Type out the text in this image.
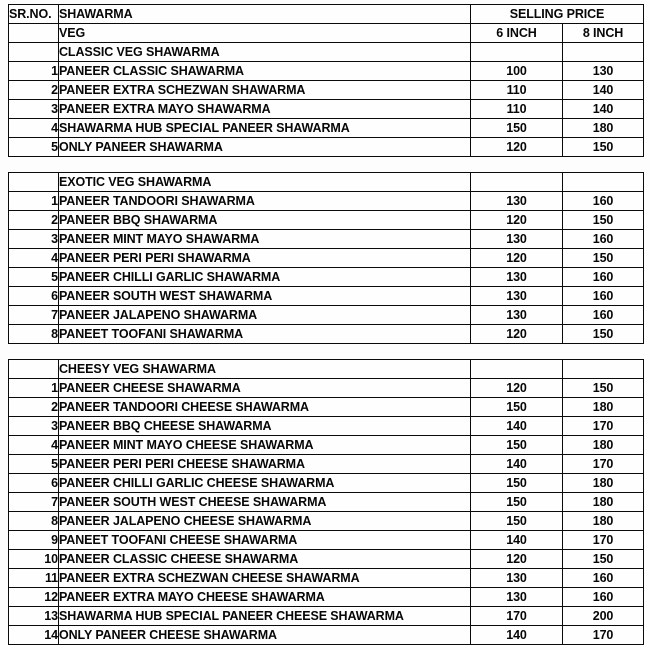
SR.NO.	SHAWARMA	SELLING PRICE	
	VEG	6 INCH	8 INCH
	CLASSIC VEG SHAWARMA		
1	PANEER CLASSIC SHAWARMA	100	130
2	PANEER EXTRA SCHEZWAN SHAWARMA	110	140
3	PANEER EXTRA MAYO SHAWARMA	110	140
4	SHAWARMA HUB SPECIAL PANEER SHAWARMA	150	180
5	ONLY PANEER SHAWARMA	120	150
	EXOTIC VEG SHAWARMA		
1	PANEER TANDOORI SHAWARMA	130	160
2	PANEER BBQ SHAWARMA	120	150
3	PANEER MINT MAYO SHAWARMA	130	160
4	PANEER PERI PERI SHAWARMA	120	150
5	PANEER CHILLI GARLIC SHAWARMA	130	160
6	PANEER SOUTH WEST SHAWARMA	130	160
7	PANEER JALAPENO SHAWARMA	130	160
8	PANEET TOOFANI SHAWARMA	120	150
	CHEESY VEG SHAWARMA		
1	PANEER CHEESE SHAWARMA	120	150
2	PANEER TANDOORI CHEESE SHAWARMA	150	180
3	PANEER BBQ CHEESE SHAWARMA	140	170
4	PANEER MINT MAYO CHEESE SHAWARMA	150	180
5	PANEER PERI PERI CHEESE SHAWARMA	140	170
6	PANEER CHILLI GARLIC CHEESE SHAWARMA	150	180
7	PANEER SOUTH WEST CHEESE SHAWARMA	150	180
8	PANEER JALAPENO CHEESE SHAWARMA	150	180
9	PANEET TOOFANI CHEESE SHAWARMA	140	170
10	PANEER CLASSIC CHEESE SHAWARMA	120	150
11	PANEER EXTRA SCHEZWAN CHEESE SHAWARMA	130	160
12	PANEER EXTRA MAYO CHEESE SHAWARMA	130	160
13	SHAWARMA HUB SPECIAL PANEER CHEESE SHAWARMA	170	200
14	ONLY PANEER CHEESE SHAWARMA	140	170
